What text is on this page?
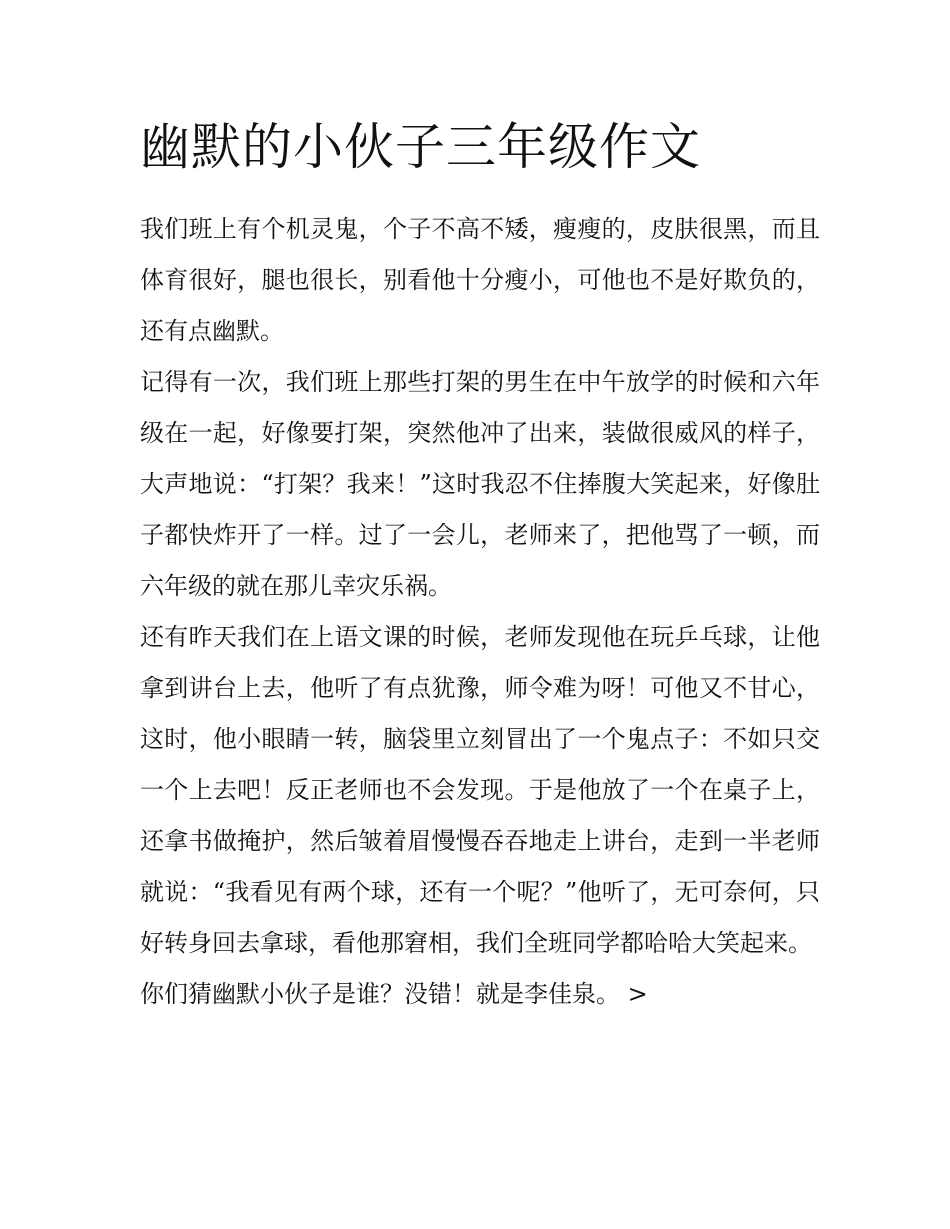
幽默的小伙子三年级作文

我们班上有个机灵鬼，个子不高不矮，瘦瘦的，皮肤很黑，而且体育很好，腿也很长，别看他十分瘦小，可他也不是好欺负的，还有点幽默。

记得有一次，我们班上那些打架的男生在中午放学的时候和六年级在一起，好像要打架，突然他冲了出来，装做很威风的样子，大声地说：“打架？我来！”这时我忍不住捧腹大笑起来，好像肚子都快炸开了一样。过了一会儿，老师来了，把他骂了一顿，而六年级的就在那儿幸灾乐祸。

还有昨天我们在上语文课的时候，老师发现他在玩乒乓球，让他拿到讲台上去，他听了有点犹豫，师令难为呀！可他又不甘心，这时，他小眼睛一转，脑袋里立刻冒出了一个鬼点子：不如只交一个上去吧！反正老师也不会发现。于是他放了一个在桌子上，还拿书做掩护，然后皱着眉慢慢吞吞地走上讲台，走到一半老师就说：“我看见有两个球，还有一个呢？”他听了，无可奈何，只好转身回去拿球，看他那窘相，我们全班同学都哈哈大笑起来。

你们猜幽默小伙子是谁？没错！就是李佳泉。 >
